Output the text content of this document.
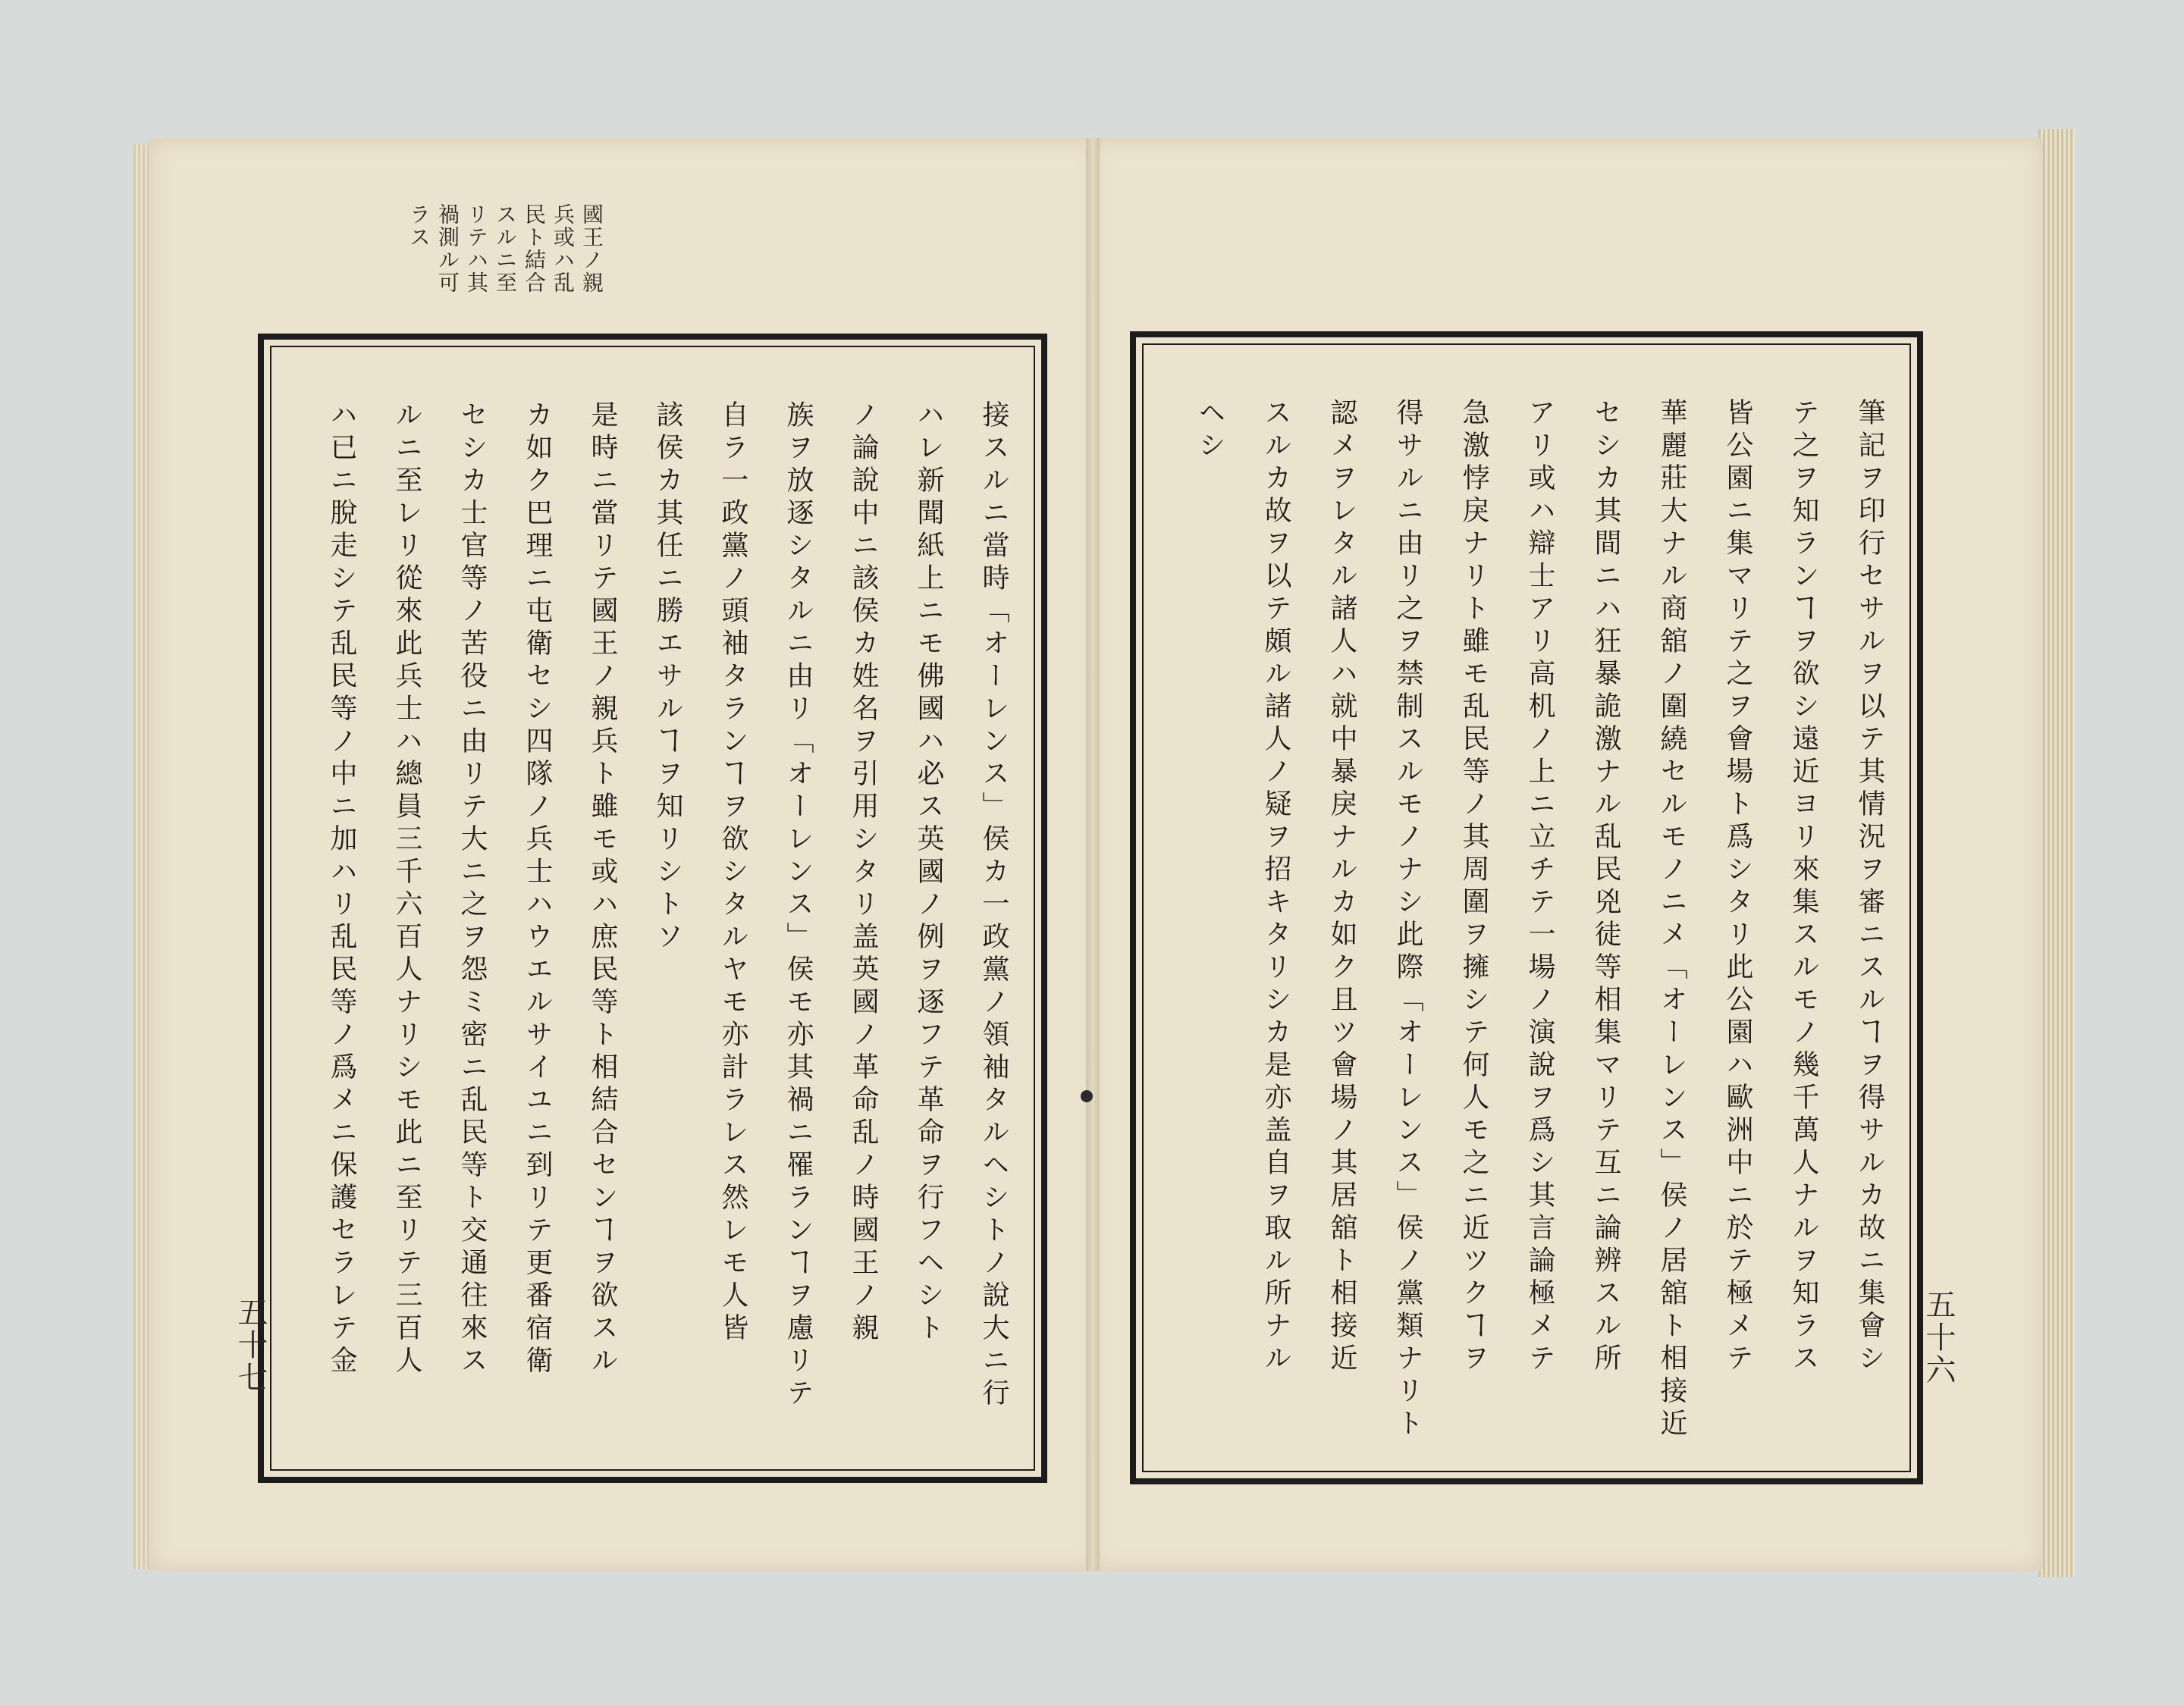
國王ノ親
兵或ハ乱
民ト結合
スルニ至
リテハ其
禍測ル可
ラス
接スルニ當時「オーレンス」侯カ一政黨ノ領袖タルヘシトノ說大ニ行
ハレ新聞紙上ニモ佛國ハ必ス英國ノ例ヲ逐フテ革命ヲ行フヘシト
ノ論說中ニ該侯カ姓名ヲ引用シタリ盖英國ノ革命乱ノ時國王ノ親
族ヲ放逐シタルニ由リ「オーレンス」侯モ亦其禍ニ罹ランヿヲ慮リテ
自ラ一政黨ノ頭袖タランヿヲ欲シタルヤモ亦計ラレス然レモ人皆
該侯カ其任ニ勝エサルヿヲ知リシトソ
是時ニ當リテ國王ノ親兵ト雖モ或ハ庶民等ト相結合センヿヲ欲スル
カ如ク巴理ニ屯衛セシ四隊ノ兵士ハウエルサイユニ到リテ更番宿衛
セシカ士官等ノ苦役ニ由リテ大ニ之ヲ怨ミ密ニ乱民等ト交通往來ス
ルニ至レリ從來此兵士ハ總員三千六百人ナリシモ此ニ至リテ三百人
ハ已ニ脫走シテ乱民等ノ中ニ加ハリ乱民等ノ爲メニ保護セラレテ金	筆記ヲ印行セサルヲ以テ其情況ヲ審ニスルヿヲ得サルカ故ニ集會シ
テ之ヲ知ランヿヲ欲シ遠近ヨリ來集スルモノ幾千萬人ナルヲ知ラス
皆公園ニ集マリテ之ヲ會場ト爲シタリ此公園ハ歐洲中ニ於テ極メテ
華麗莊大ナル商舘ノ圍繞セルモノニメ「オーレンス」侯ノ居舘ト相接近
セシカ其間ニハ狂暴詭激ナル乱民兇徒等相集マリテ互ニ論辨スル所
アリ或ハ辯士アリ高机ノ上ニ立チテ一場ノ演說ヲ爲シ其言論極メテ
急激悖戾ナリト雖モ乱民等ノ其周圍ヲ擁シテ何人モ之ニ近ツクヿヲ
得サルニ由リ之ヲ禁制スルモノナシ此際「オーレンス」侯ノ黨類ナリト
認メヲレタル諸人ハ就中暴戾ナルカ如ク且ツ會場ノ其居舘ト相接近
スルカ故ヲ以テ頗ル諸人ノ疑ヲ招キタリシカ是亦盖自ヲ取ル所ナル
ヘシ
五十七	五十六
